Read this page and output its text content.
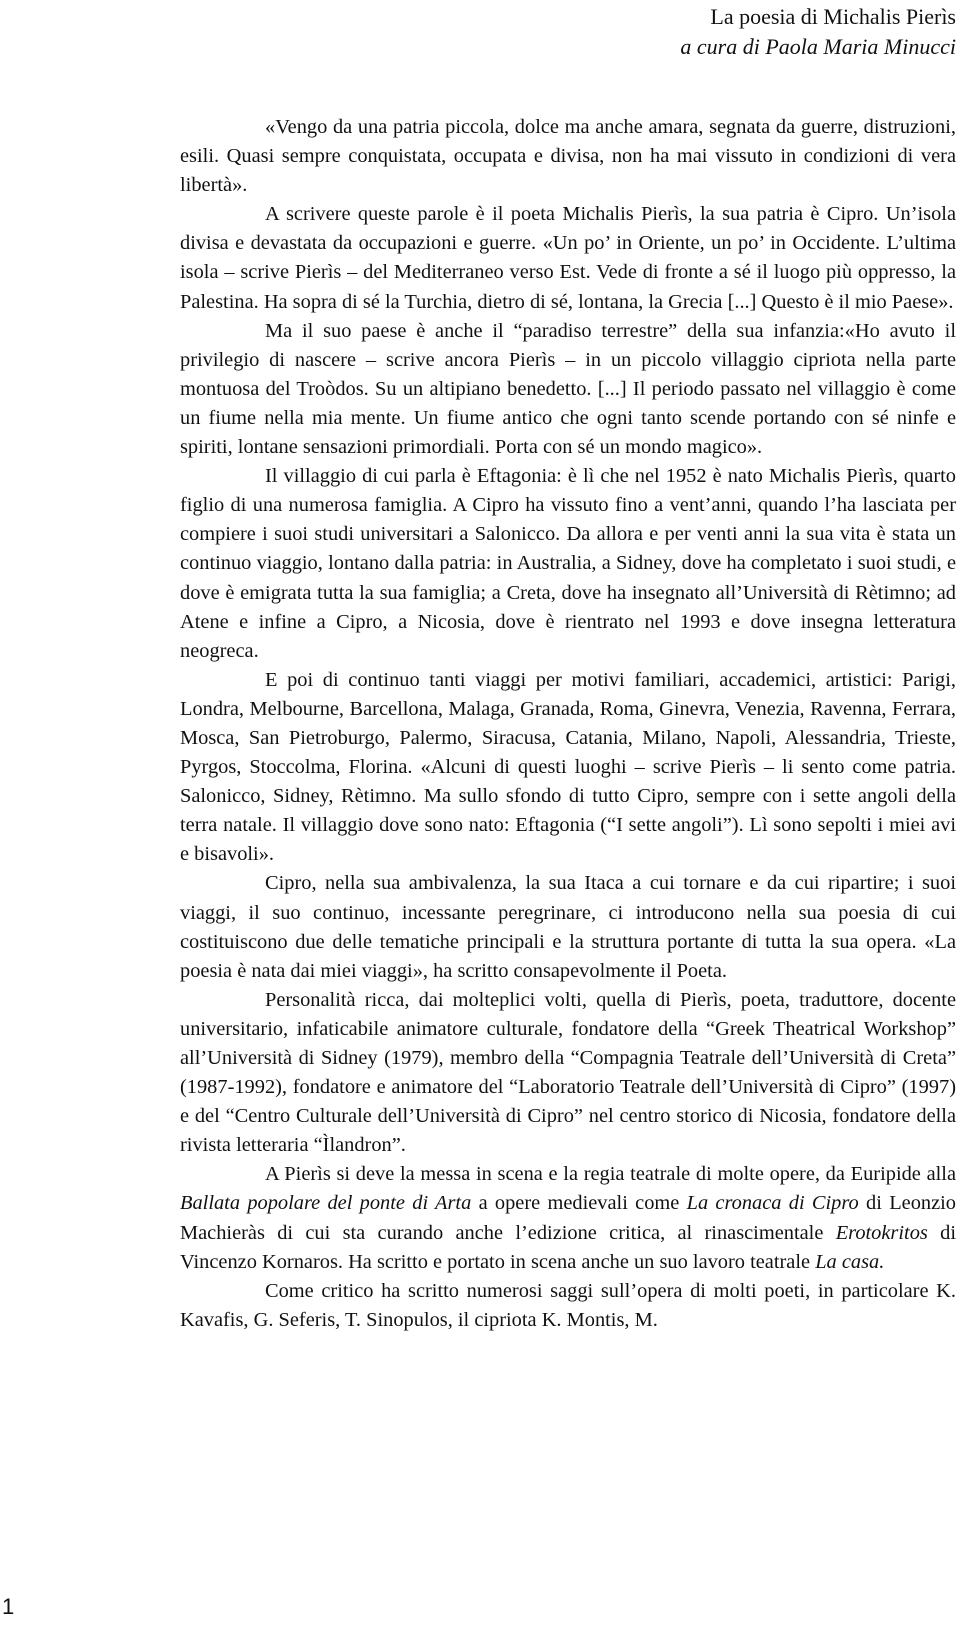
La poesia di Michalis Pierìs
a cura di Paola Maria Minucci

«Vengo da una patria piccola, dolce ma anche amara, segnata da guerre, distruzioni, esili. Quasi sempre conquistata, occupata e divisa, non ha mai vissuto in condizioni di vera libertà».

A scrivere queste parole è il poeta Michalis Pierìs, la sua patria è Cipro. Un’isola divisa e devastata da occupazioni e guerre. «Un po’ in Oriente, un po’ in Occidente. L’ultima isola – scrive Pierìs – del Mediterraneo verso Est. Vede di fronte a sé il luogo più oppresso, la Palestina. Ha sopra di sé la Turchia, dietro di sé, lontana, la Grecia [...] Questo è il mio Paese».

Ma il suo paese è anche il “paradiso terrestre” della sua infanzia:«Ho avuto il privilegio di nascere – scrive ancora Pierìs – in un piccolo villaggio cipriota nella parte montuosa del Troòdos. Su un altipiano benedetto. [...] Il periodo passato nel villaggio è come un fiume nella mia mente. Un fiume antico che ogni tanto scende portando con sé ninfe e spiriti, lontane sensazioni primordiali. Porta con sé un mondo magico».

Il villaggio di cui parla è Eftagonia: è lì che nel 1952 è nato Michalis Pierìs, quarto figlio di una numerosa famiglia. A Cipro ha vissuto fino a vent’anni, quando l’ha lasciata per compiere i suoi studi universitari a Salonicco. Da allora e per venti anni la sua vita è stata un continuo viaggio, lontano dalla patria: in Australia, a Sidney, dove ha completato i suoi studi, e dove è emigrata tutta la sua famiglia; a Creta, dove ha insegnato all’Università di Rètimno; ad Atene e infine a Cipro, a Nicosia, dove è rientrato nel 1993 e dove insegna letteratura neogreca.

E poi di continuo tanti viaggi per motivi familiari, accademici, artistici: Parigi, Londra, Melbourne, Barcellona, Malaga, Granada, Roma, Ginevra, Venezia, Ravenna, Ferrara, Mosca, San Pietroburgo, Palermo, Siracusa, Catania, Milano, Napoli, Alessandria, Trieste, Pyrgos, Stoccolma, Florina. «Alcuni di questi luoghi – scrive Pierìs – li sento come patria. Salonicco, Sidney, Rètimno. Ma sullo sfondo di tutto Cipro, sempre con i sette angoli della terra natale. Il villaggio dove sono nato: Eftagonia (“I sette angoli”). Lì sono sepolti i miei avi e bisavoli».

Cipro, nella sua ambivalenza, la sua Itaca a cui tornare e da cui ripartire; i suoi viaggi, il suo continuo, incessante peregrinare, ci introducono nella sua poesia di cui costituiscono due delle tematiche principali e la struttura portante di tutta la sua opera. «La poesia è nata dai miei viaggi», ha scritto consapevolmente il Poeta.

Personalità ricca, dai molteplici volti, quella di Pierìs, poeta, traduttore, docente universitario, infaticabile animatore culturale, fondatore della “Greek Theatrical Workshop” all’Università di Sidney (1979), membro della “Compagnia Teatrale dell’Università di Creta” (1987-1992), fondatore e animatore del “Laboratorio Teatrale dell’Università di Cipro” (1997) e del “Centro Culturale dell’Università di Cipro” nel centro storico di Nicosia, fondatore della rivista letteraria “Ìlandron”.

A Pierìs si deve la messa in scena e la regia teatrale di molte opere, da Euripide alla Ballata popolare del ponte di Arta a opere medievali come La cronaca di Cipro di Leonzio Machieràs di cui sta curando anche l’edizione critica, al rinascimentale Erotokritos di Vincenzo Kornaros. Ha scritto e portato in scena anche un suo lavoro teatrale La casa.

Come critico ha scritto numerosi saggi sull’opera di molti poeti, in particolare K. Kavafis, G. Seferis, T. Sinopulos, il cipriota K. Montis, M.

1
